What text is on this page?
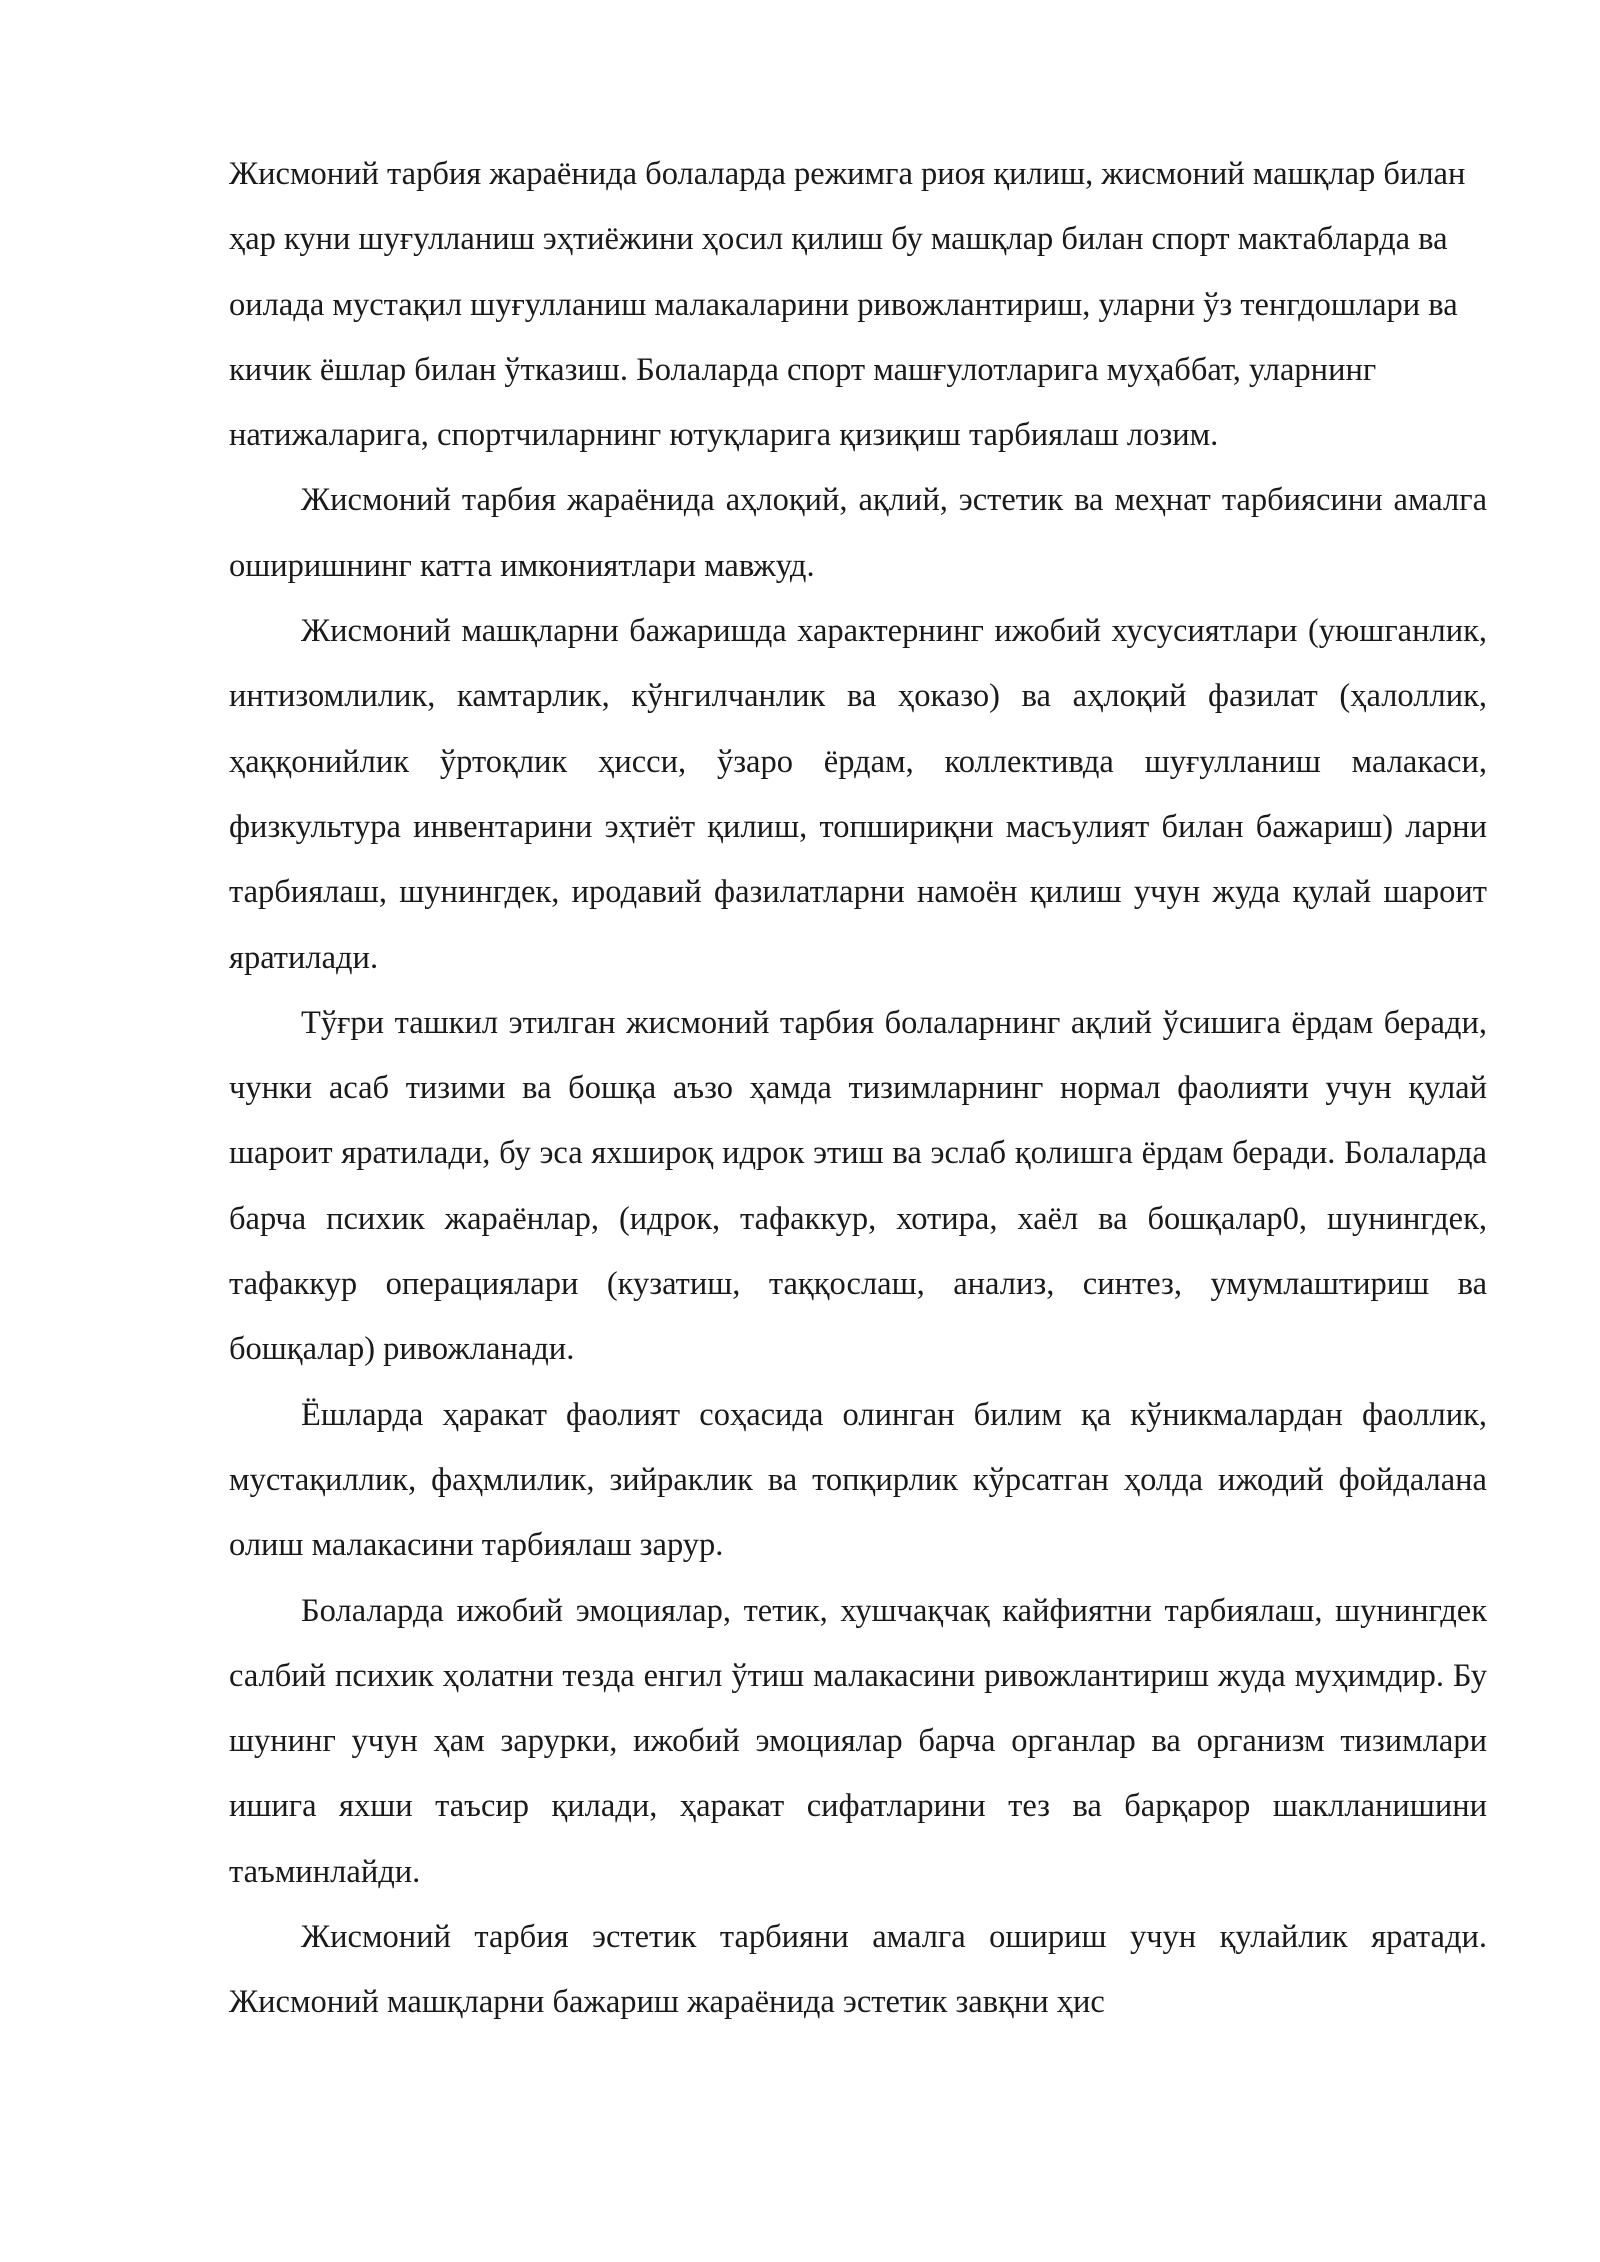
Жисмоний тарбия жараёнида болаларда режимга риоя қилиш, жисмоний машқлар билан ҳар куни шуғулланиш эҳтиёжини ҳосил қилиш бу машқлар билан спорт мактабларда ва оилада мустақил шуғулланиш малакаларини ривожлантириш, уларни ўз тенгдошлари ва кичик ёшлар билан ўтказиш. Болаларда спорт машғулотларига муҳаббат, уларнинг натижаларига, спортчиларнинг ютуқларига қизиқиш тарбиялаш лозим.

Жисмоний тарбия жараёнида аҳлоқий, ақлий, эстетик ва меҳнат тарбиясини амалга оширишнинг катта имкониятлари мавжуд.

Жисмоний машқларни бажаришда характернинг ижобий хусусиятлари (уюшганлик, интизомлилик, камтарлик, кўнгилчанлик ва ҳоказо) ва аҳлоқий фазилат (ҳалоллик, ҳаққонийлик ўртоқлик ҳисси, ўзаро ёрдам, коллективда шуғулланиш малакаси, физкультура инвентарини эҳтиёт қилиш, топшириқни масъулият билан бажариш) ларни тарбиялаш, шунингдек, иродавий фазилатларни намоён қилиш учун жуда қулай шароит яратилади.

Тўғри ташкил этилган жисмоний тарбия болаларнинг ақлий ўсишига ёрдам беради, чунки асаб тизими ва бошқа аъзо ҳамда тизимларнинг нормал фаолияти учун қулай шароит яратилади, бу эса яхшироқ идрок этиш ва эслаб қолишга ёрдам беради. Болаларда барча психик жараёнлар, (идрок, тафаккур, хотира, хаёл ва бошқалар0, шунингдек, тафаккур операциялари (кузатиш, таққослаш, анализ, синтез, умумлаштириш ва бошқалар) ривожланади.

Ёшларда ҳаракат фаолият соҳасида олинган билим қа кўникмалардан фаоллик, мустақиллик, фаҳмлилик, зийраклик ва топқирлик кўрсатган ҳолда ижодий фойдалана олиш малакасини тарбиялаш зарур.

Болаларда ижобий эмоциялар, тетик, хушчақчақ кайфиятни тарбиялаш, шунингдек салбий психик ҳолатни тезда енгил ўтиш малакасини ривожлантириш жуда муҳимдир. Бу шунинг учун ҳам зарурки, ижобий эмоциялар барча органлар ва организм тизимлари ишига яхши таъсир қилади, ҳаракат сифатларини тез ва барқарор шаклланишини таъминлайди.

Жисмоний тарбия эстетик тарбияни амалга ошириш учун қулайлик яратади. Жисмоний машқларни бажариш жараёнида эстетик завқни ҳис
